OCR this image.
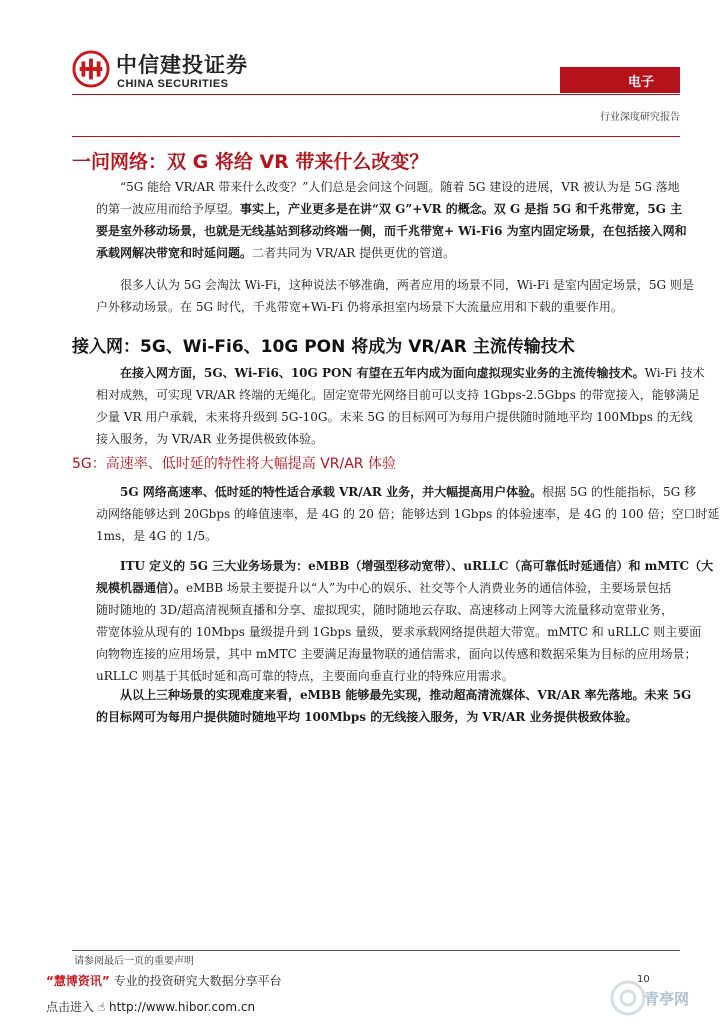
中信建投证券
CHINA SECURITIES	电子
行业深度研究报告
一问网络：双 G 将给 VR 带来什么改变？
“5G 能给 VR/AR 带来什么改变？”人们总是会问这个问题。随着 5G 建设的进展，VR 被认为是 5G 落地
的第一波应用而给予厚望。事实上，产业更多是在讲“双 G”+VR 的概念。双 G 是指 5G 和千兆带宽，5G 主
要是室外移动场景，也就是无线基站到移动终端一侧，而千兆带宽+ Wi-Fi6 为室内固定场景，在包括接入网和
承载网解决带宽和时延问题。二者共同为 VR/AR 提供更优的管道。
很多人认为 5G 会淘汰 Wi-Fi，这种说法不够准确，两者应用的场景不同，Wi-Fi 是室内固定场景，5G 则是
户外移动场景。在 5G 时代，千兆带宽+Wi-Fi 仍将承担室内场景下大流量应用和下载的重要作用。
接入网：5G、Wi-Fi6、10G PON 将成为 VR/AR 主流传输技术
在接入网方面，5G、Wi-Fi6、10G PON 有望在五年内成为面向虚拟现实业务的主流传输技术。Wi-Fi 技术
相对成熟，可实现 VR/AR 终端的无绳化。固定宽带光网络目前可以支持 1Gbps-2.5Gbps 的带宽接入，能够满足
少量 VR 用户承载，未来将升级到 5G-10G。未来 5G 的目标网可为每用户提供随时随地平均 100Mbps 的无线
接入服务，为 VR/AR 业务提供极致体验。
5G：高速率、低时延的特性将大幅提高 VR/AR 体验
5G 网络高速率、低时延的特性适合承载 VR/AR 业务，并大幅提高用户体验。根据 5G 的性能指标，5G 移
动网络能够达到 20Gbps 的峰值速率，是 4G 的 20 倍；能够达到 1Gbps 的体验速率，是 4G 的 100 倍；空口时延
1ms，是 4G 的 1/5。
ITU 定义的 5G 三大业务场景为：eMBB（增强型移动宽带）、uRLLC（高可靠低时延通信）和 mMTC（大
规模机器通信）。eMBB 场景主要提升以“人”为中心的娱乐、社交等个人消费业务的通信体验，主要场景包括
随时随地的 3D/超高清视频直播和分享、虚拟现实，随时随地云存取、高速移动上网等大流量移动宽带业务，
带宽体验从现有的 10Mbps 量级提升到 1Gbps 量级，要求承载网络提供超大带宽。mMTC 和 uRLLC 则主要面
向物物连接的应用场景，其中 mMTC 主要满足海量物联的通信需求，面向以传感和数据采集为目标的应用场景；
uRLLC 则基于其低时延和高可靠的特点，主要面向垂直行业的特殊应用需求。
从以上三种场景的实现难度来看，eMBB 能够最先实现，推动超高清流媒体、VR/AR 率先落地。未来 5G
的目标网可为每用户提供随时随地平均 100Mbps 的无线接入服务，为 VR/AR 业务提供极致体验。
请参阅最后一页的重要声明
10
“慧博资讯” 专业的投资研究大数据分享平台
点击进入 ☝ http://www.hibor.com.cn	青亭网
